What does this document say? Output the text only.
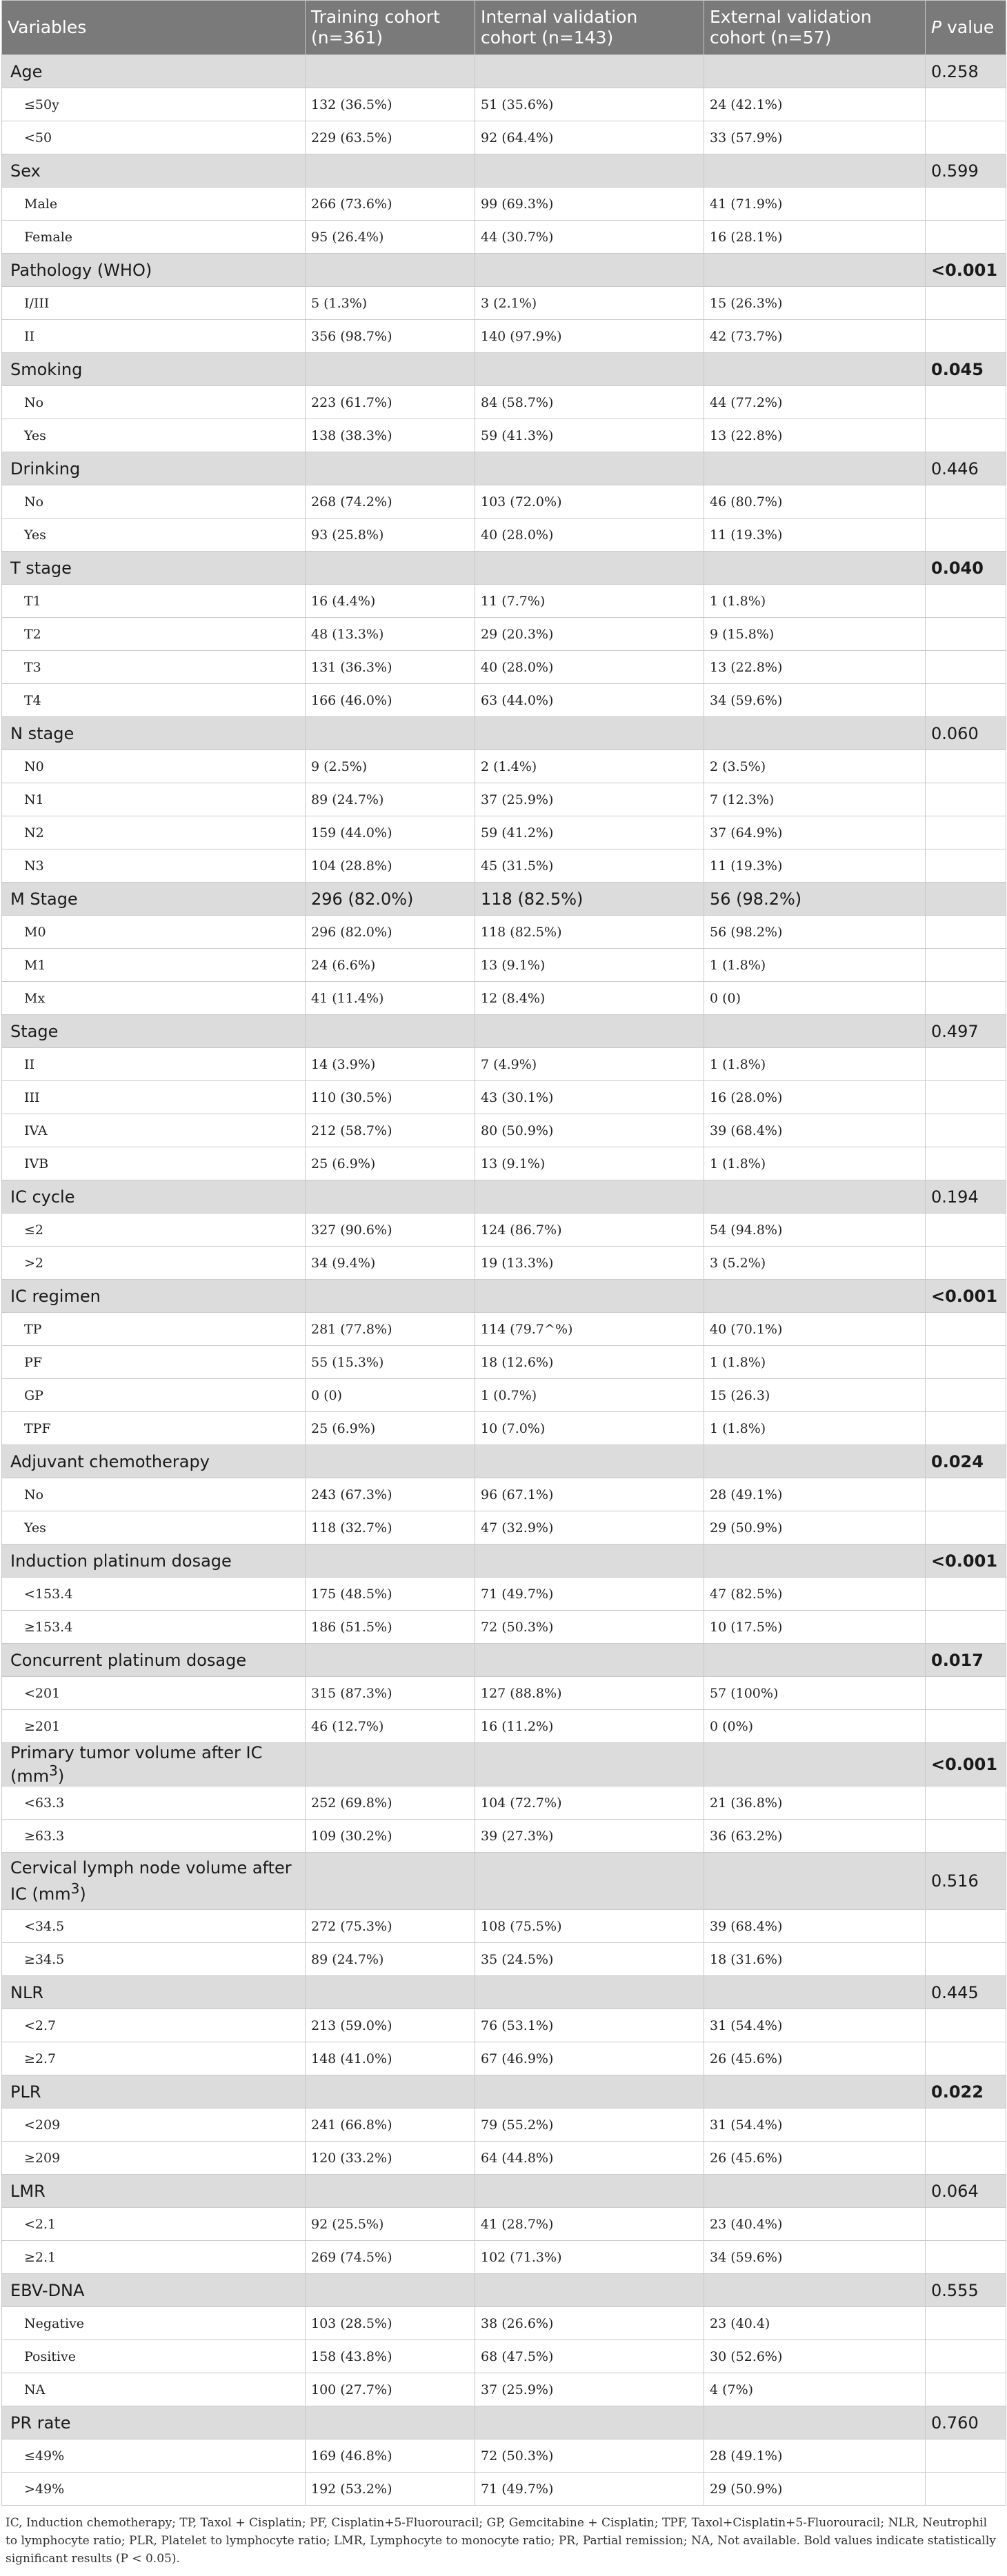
Variables	Training cohort (n=361)	Internal validation cohort (n=143)	External validation cohort (n=57)	P value
Age				0.258
≤50y	132 (36.5%)	51 (35.6%)	24 (42.1%)	
<50	229 (63.5%)	92 (64.4%)	33 (57.9%)	
Sex				0.599
Male	266 (73.6%)	99 (69.3%)	41 (71.9%)	
Female	95 (26.4%)	44 (30.7%)	16 (28.1%)	
Pathology (WHO)				<0.001
I/III	5 (1.3%)	3 (2.1%)	15 (26.3%)	
II	356 (98.7%)	140 (97.9%)	42 (73.7%)	
Smoking				0.045
No	223 (61.7%)	84 (58.7%)	44 (77.2%)	
Yes	138 (38.3%)	59 (41.3%)	13 (22.8%)	
Drinking				0.446
No	268 (74.2%)	103 (72.0%)	46 (80.7%)	
Yes	93 (25.8%)	40 (28.0%)	11 (19.3%)	
T stage				0.040
T1	16 (4.4%)	11 (7.7%)	1 (1.8%)	
T2	48 (13.3%)	29 (20.3%)	9 (15.8%)	
T3	131 (36.3%)	40 (28.0%)	13 (22.8%)	
T4	166 (46.0%)	63 (44.0%)	34 (59.6%)	
N stage				0.060
N0	9 (2.5%)	2 (1.4%)	2 (3.5%)	
N1	89 (24.7%)	37 (25.9%)	7 (12.3%)	
N2	159 (44.0%)	59 (41.2%)	37 (64.9%)	
N3	104 (28.8%)	45 (31.5%)	11 (19.3%)	
M Stage	296 (82.0%)	118 (82.5%)	56 (98.2%)	
M0	296 (82.0%)	118 (82.5%)	56 (98.2%)	
M1	24 (6.6%)	13 (9.1%)	1 (1.8%)	
Mx	41 (11.4%)	12 (8.4%)	0 (0)	
Stage				0.497
II	14 (3.9%)	7 (4.9%)	1 (1.8%)	
III	110 (30.5%)	43 (30.1%)	16 (28.0%)	
IVA	212 (58.7%)	80 (50.9%)	39 (68.4%)	
IVB	25 (6.9%)	13 (9.1%)	1 (1.8%)	
IC cycle				0.194
≤2	327 (90.6%)	124 (86.7%)	54 (94.8%)	
>2	34 (9.4%)	19 (13.3%)	3 (5.2%)	
IC regimen				<0.001
TP	281 (77.8%)	114 (79.7^%)	40 (70.1%)	
PF	55 (15.3%)	18 (12.6%)	1 (1.8%)	
GP	0 (0)	1 (0.7%)	15 (26.3)	
TPF	25 (6.9%)	10 (7.0%)	1 (1.8%)	
Adjuvant chemotherapy				0.024
No	243 (67.3%)	96 (67.1%)	28 (49.1%)	
Yes	118 (32.7%)	47 (32.9%)	29 (50.9%)	
Induction platinum dosage				<0.001
<153.4	175 (48.5%)	71 (49.7%)	47 (82.5%)	
≥153.4	186 (51.5%)	72 (50.3%)	10 (17.5%)	
Concurrent platinum dosage				0.017
<201	315 (87.3%)	127 (88.8%)	57 (100%)	
≥201	46 (12.7%)	16 (11.2%)	0 (0%)	
Primary tumor volume after IC $(mm^3)$				<0.001
<63.3	252 (69.8%)	104 (72.7%)	21 (36.8%)	
≥63.3	109 (30.2%)	39 (27.3%)	36 (63.2%)	
Cervical lymph node volume after IC $(mm^3)$				0.516
<34.5	272 (75.3%)	108 (75.5%)	39 (68.4%)	
≥34.5	89 (24.7%)	35 (24.5%)	18 (31.6%)	
NLR				0.445
<2.7	213 (59.0%)	76 (53.1%)	31 (54.4%)	
≥2.7	148 (41.0%)	67 (46.9%)	26 (45.6%)	
PLR				0.022
<209	241 (66.8%)	79 (55.2%)	31 (54.4%)	
≥209	120 (33.2%)	64 (44.8%)	26 (45.6%)	
LMR				0.064
<2.1	92 (25.5%)	41 (28.7%)	23 (40.4%)	
≥2.1	269 (74.5%)	102 (71.3%)	34 (59.6%)	
EBV-DNA				0.555
Negative	103 (28.5%)	38 (26.6%)	23 (40.4)	
Positive	158 (43.8%)	68 (47.5%)	30 (52.6%)	
NA	100 (27.7%)	37 (25.9%)	4 (7%)	
PR rate				0.760
≤49%	169 (46.8%)	72 (50.3%)	28 (49.1%)	
>49%	192 (53.2%)	71 (49.7%)	29 (50.9%)	
IC, Induction chemotherapy; TP, Taxol + Cisplatin; PF, Cisplatin+5-Fluorouracil; GP, Gemcitabine + Cisplatin; TPF, Taxol+Cisplatin+5-Fluorouracil; NLR, Neutrophil to lymphocyte ratio; PLR, Platelet to lymphocyte ratio; LMR, Lymphocyte to monocyte ratio; PR, Partial remission; NA, Not available. Bold values indicate statistically significant results (P < 0.05).
